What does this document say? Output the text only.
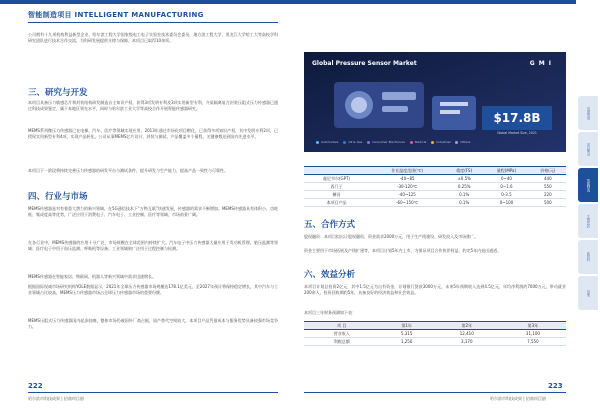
智能制造项目 INTELLIGENT MANUFACTURING
公司拥有十九项机构利益新型企业，哈尔滨工程大学国家级电工电子实验室技术委员会委员，地方滨工程大学，黑龙江大学哈工大等高校学科研究团队进行技术合作交流，为科研发展提供支撑与保障。本项目已取得10余项。
三、研究与开发
本项目具备压力敏感芯片和封装结构研发制造自主知识产权，获得3项发明专利及3项实用新型专利，介质隔离复合封装压阻式压力传感器已通过科技成果鉴定，属于本地区领先水平，同时与哈尔滨工业大学等高校合作开展智能传感器研究。
MEMS系列微压力传感器已在电梯、汽车、医疗等领域实现应用，2013年通过市场化项目孵化，已获得多项知识产权，其中发明专利2项，已授权实用新型专利4项，实现产品转化。公司从事MEMS芯片设计、封装与测试，产品覆盖多个量程，关键参数达到国内先进水平。
本项目下一阶段将持续完善压力传感器的研发平台与测试条件，提升研发与生产能力，提高产品一致性与可靠性。
四、行业与市场
MEMS传感器是对有着重大潜力的新兴领域，在5G通信技术下“万物互联”快速发展，传感器的需求不断增加。MEMS传感器具有体积小、功耗低、集成度高等优势，广泛应用于消费电子、汽车电子、工业控制、医疗等领域，市场前景广阔。
在各行业中，MEMS传感器的应用十分广泛，市场规模在全球范围内持续扩大。汽车电子中压力传感器大量应用于发动机管理、胎压监测等领域；医疗电子中用于血压监测、呼吸机等设备；工业领域则广泛用于过程控制与检测。
MEMS传感器在智能家居、物联网、机器人等新兴领域中需求迅速增长。
根据国际权威市场研究机构YOLE数据显示，2021年全球压力传感器市场规模达178.1亿美元，至2027年预计将保持稳定增长，其中汽车与工业领域占比较高，MEMS压力传感器市场占全球压力传感器市场的重要份额。
MEMS压阻式压力传感器国内起步较晚，整体市场仍被国外厂商占据，国产替代空间较大，本项目产品凭借成本与服务优势具备较强市场竞争力。
222
哈尔滨市科技成果 | 招商项目册
Global Pressure Sensor Market	G M I
$17.8B
Global Market Size, 2021
Automotive	Oil & Gas	Consumer Electronics	Medical	Industrial	Others
	作业温度范围(℃)	精度(FS)	量程(MPa)	价格(元)
霍尼韦尔(GPT)	-40~85	±0.5%	0~40	440
西门子	-30-120℃	0.25%	0~1.6	550
横河	-40~125	0.1%	0-3.5	220
本项目产品	-60~150℃	0.1%	0~100	500
五、合作方式
股权融资：本项目拟出让股权融资，资金需求2000万元，用于生产线建设、研发投入及市场推广。
资金主要用于市场拓展及产线扩建等，本项目计划5年内上市，为保证项目合作伙伴权益，约定5年内退出通道。
六、效益分析
本项目计划总投资2亿元，其中1.5亿元为自有资金，计划银行贷款3000万元，未来5年预期收入达到4.5亿元，年均净利润约7000万元，带动就业200余人，投资回收期约5年，具备良好的经济效益和社会效益。
本项目三年财务预测如下表：
项 目	第1年	第2年	第3年
营业收入	5,315	12,410	31,100
利税总额	1,250	3,170	7,550
223
哈尔滨市科技成果 | 招商项目册
发展规划
项目概况
智能制造
生物医药
新材料
其他
